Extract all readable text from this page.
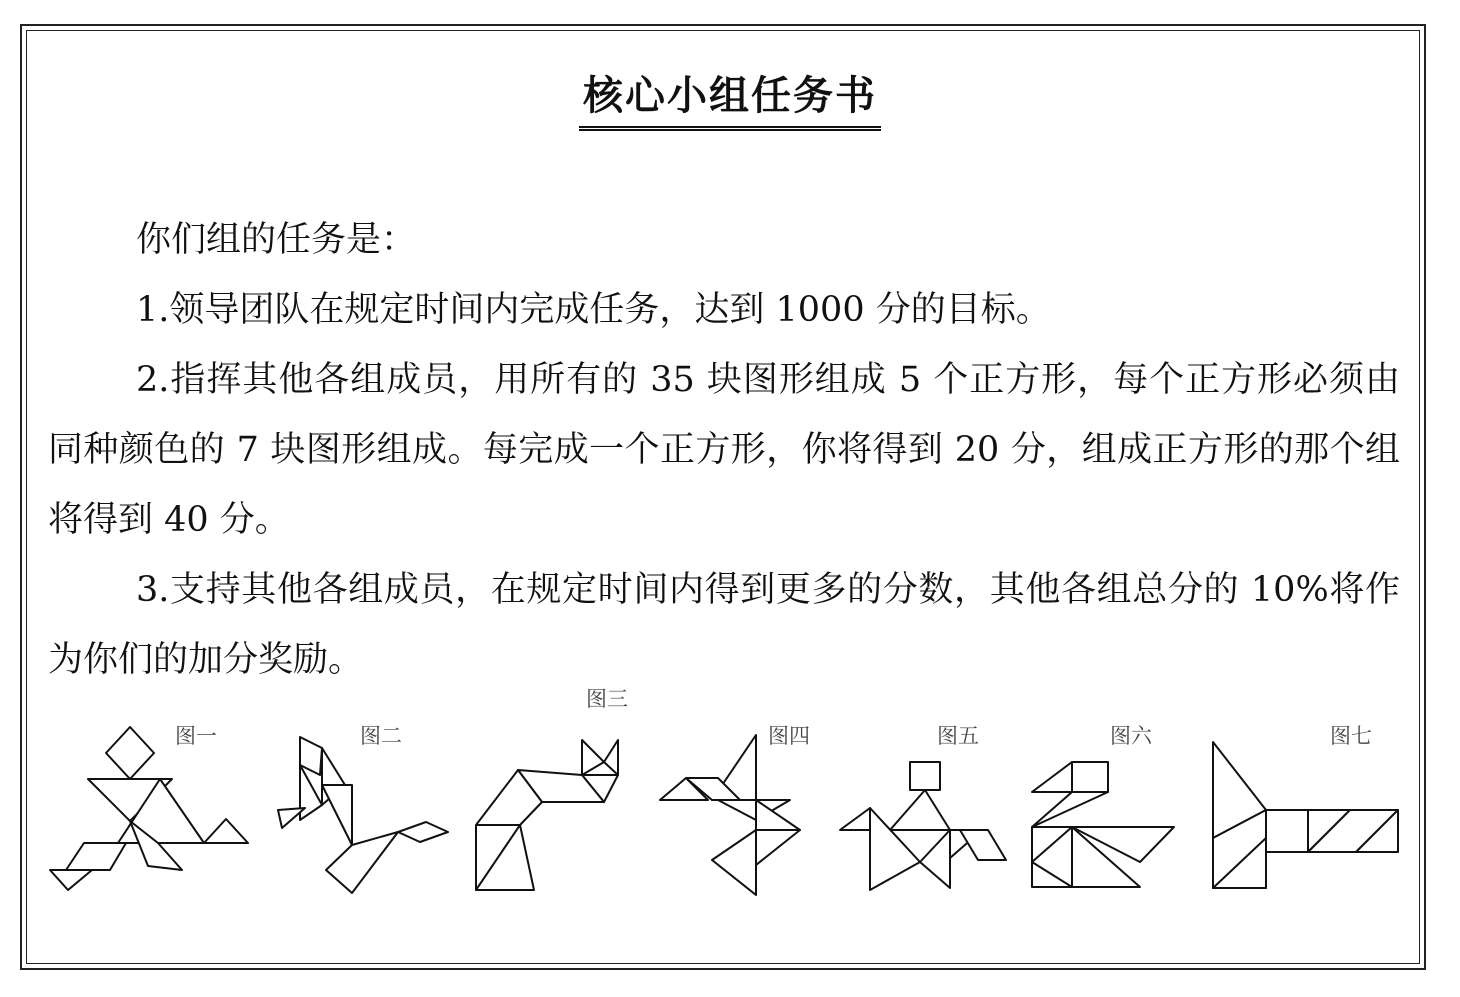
核心小组任务书

你们组的任务是：

1.领导团队在规定时间内完成任务，达到 1000 分的目标。

2.指挥其他各组成员，用所有的 35 块图形组成 5 个正方形，每个正方形必须由同种颜色的 7 块图形组成。每完成一个正方形，你将得到 20 分，组成正方形的那个组将得到 40 分。

3.支持其他各组成员，在规定时间内得到更多的分数，其他各组总分的 10%将作为你们的加分奖励。

图一	图二
图三
图四	图五	图六	图七
